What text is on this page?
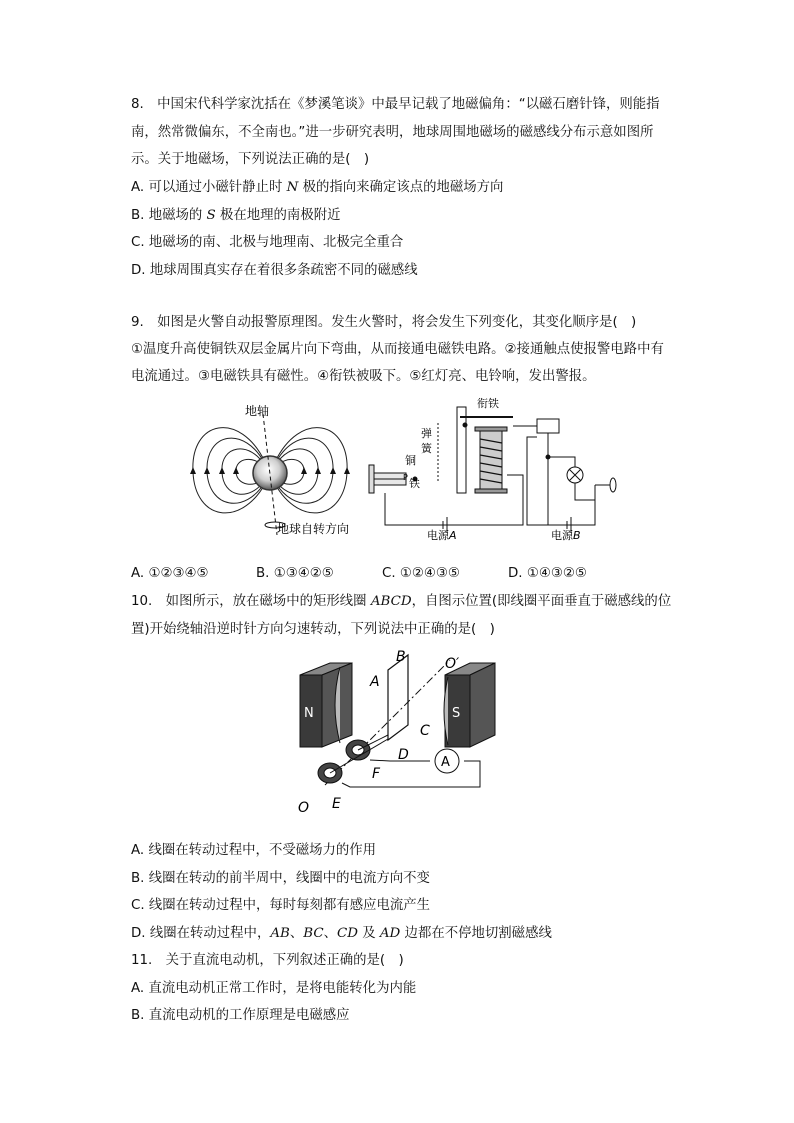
8.　中国宋代科学家沈括在《梦溪笔谈》中最早记载了地磁偏角：“以磁石磨针锋，则能指
南，然常微偏东，不全南也。”进一步研究表明，地球周围地磁场的磁感线分布示意如图所
示。关于地磁场，下列说法正确的是(　)
A. 可以通过小磁针静止时 N 极的指向来确定该点的地磁场方向
B. 地磁场的 S 极在地理的南极附近
C. 地磁场的南、北极与地理南、北极完全重合
D. 地球周围真实存在着很多条疏密不同的磁感线
9.　如图是火警自动报警原理图。发生火警时，将会发生下列变化，其变化顺序是(　)
①温度升高使铜铁双层金属片向下弯曲，从而接通电磁铁电路。②接通触点使报警电路中有
电流通过。③电磁铁具有磁性。④衔铁被吸下。⑤红灯亮、电铃响，发出警报。
地轴
地球自转方向
衔铁
弹
簧
铜
铁
P
电源A	电源B
A. ①②③④⑤	B. ①③④②⑤	C. ①②④③⑤	D. ①④③②⑤
10.　如图所示，放在磁场中的矩形线圈 ABCD，自图示位置(即线圈平面垂直于磁感线的位
置)开始绕轴沿逆时针方向匀速转动，下列说法中正确的是(　)
A
N	S
A
B
C
D
F
E
O
O′
A. 线圈在转动过程中，不受磁场力的作用
B. 线圈在转动的前半周中，线圈中的电流方向不变
C. 线圈在转动过程中，每时每刻都有感应电流产生
D. 线圈在转动过程中，AB、BC、CD 及 AD 边都在不停地切割磁感线
11.　关于直流电动机，下列叙述正确的是(　)
A. 直流电动机正常工作时，是将电能转化为内能
B. 直流电动机的工作原理是电磁感应
